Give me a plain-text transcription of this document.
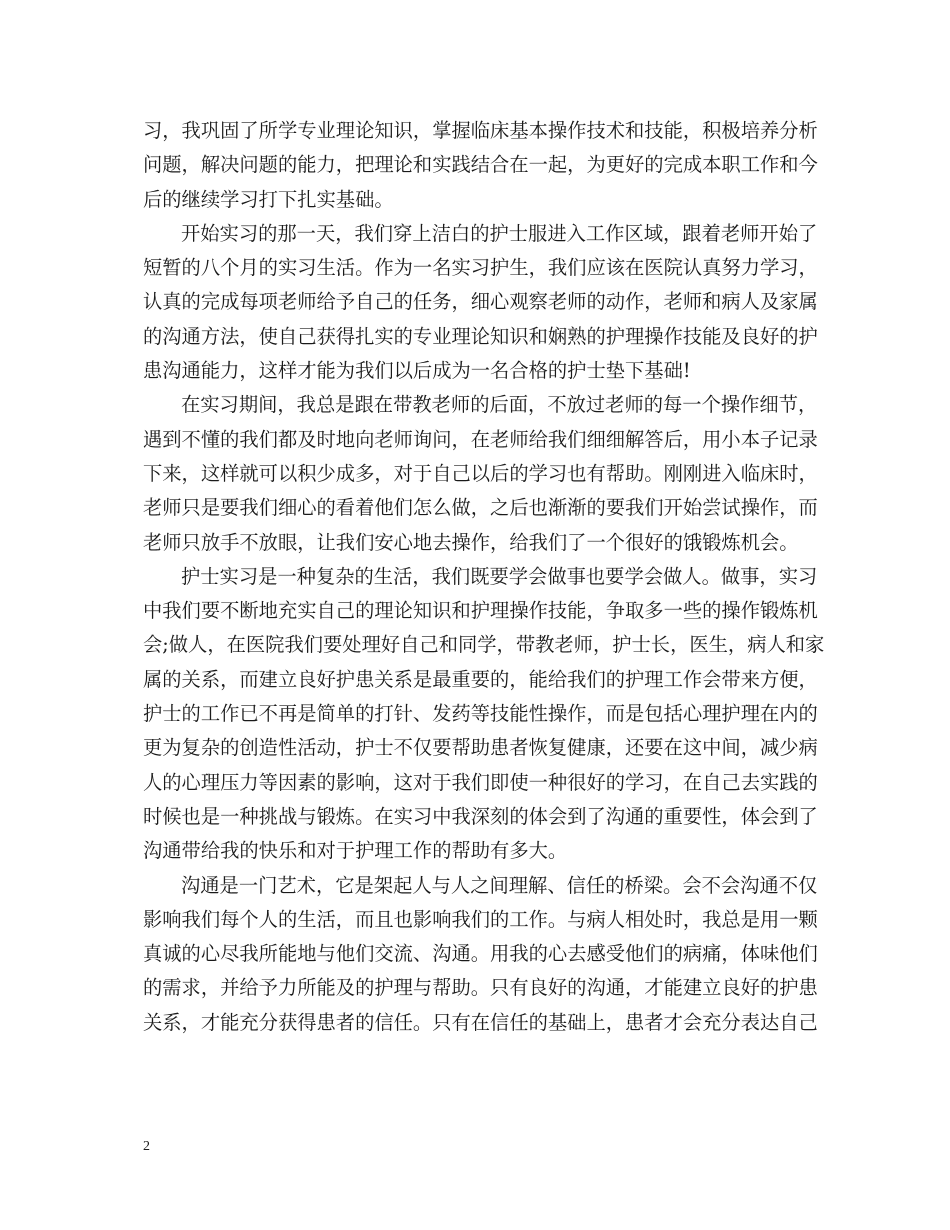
习，我巩固了所学专业理论知识，掌握临床基本操作技术和技能，积极培养分析
问题，解决问题的能力，把理论和实践结合在一起，为更好的完成本职工作和今
后的继续学习打下扎实基础。
开始实习的那一天，我们穿上洁白的护士服进入工作区域，跟着老师开始了
短暂的八个月的实习生活。作为一名实习护生，我们应该在医院认真努力学习，
认真的完成每项老师给予自己的任务，细心观察老师的动作，老师和病人及家属
的沟通方法，使自己获得扎实的专业理论知识和娴熟的护理操作技能及良好的护
患沟通能力，这样才能为我们以后成为一名合格的护士垫下基础!
在实习期间，我总是跟在带教老师的后面，不放过老师的每一个操作细节，
遇到不懂的我们都及时地向老师询问，在老师给我们细细解答后，用小本子记录
下来，这样就可以积少成多，对于自己以后的学习也有帮助。刚刚进入临床时，
老师只是要我们细心的看着他们怎么做，之后也渐渐的要我们开始尝试操作，而
老师只放手不放眼，让我们安心地去操作，给我们了一个很好的饿锻炼机会。
护士实习是一种复杂的生活，我们既要学会做事也要学会做人。做事，实习
中我们要不断地充实自己的理论知识和护理操作技能，争取多一些的操作锻炼机
会;做人，在医院我们要处理好自己和同学，带教老师，护士长，医生，病人和家
属的关系，而建立良好护患关系是最重要的，能给我们的护理工作会带来方便，
护士的工作已不再是简单的打针、发药等技能性操作，而是包括心理护理在内的
更为复杂的创造性活动，护士不仅要帮助患者恢复健康，还要在这中间，减少病
人的心理压力等因素的影响，这对于我们即使一种很好的学习，在自己去实践的
时候也是一种挑战与锻炼。在实习中我深刻的体会到了沟通的重要性，体会到了
沟通带给我的快乐和对于护理工作的帮助有多大。
沟通是一门艺术，它是架起人与人之间理解、信任的桥梁。会不会沟通不仅
影响我们每个人的生活，而且也影响我们的工作。与病人相处时，我总是用一颗
真诚的心尽我所能地与他们交流、沟通。用我的心去感受他们的病痛，体味他们
的需求，并给予力所能及的护理与帮助。只有良好的沟通，才能建立良好的护患
关系，才能充分获得患者的信任。只有在信任的基础上，患者才会充分表达自己
2
